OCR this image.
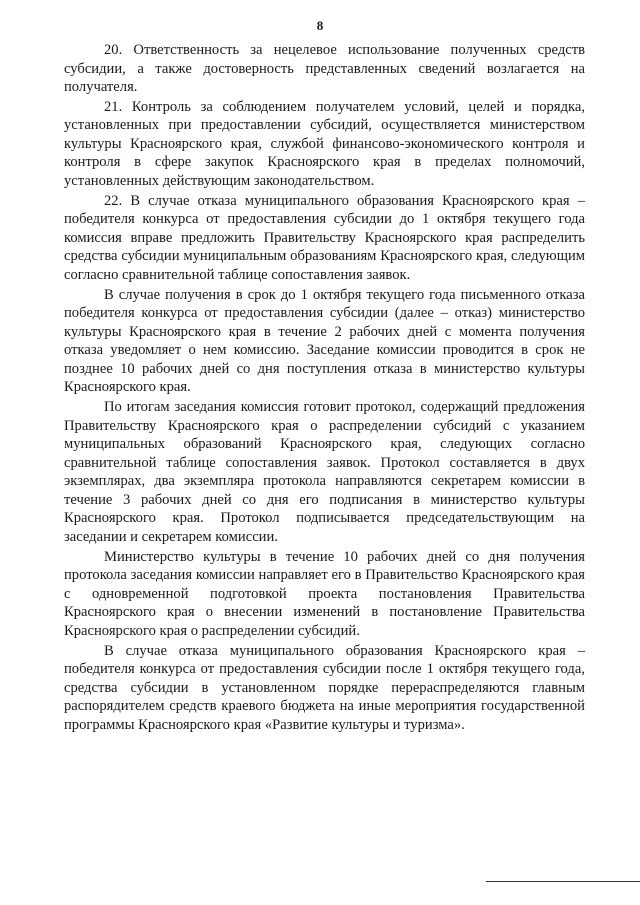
8

20. Ответственность за нецелевое использование полученных средств субсидии, а также достоверность представленных сведений возлагается на получателя.

21. Контроль за соблюдением получателем условий, целей и порядка, установленных при предоставлении субсидий, осуществляется министерством культуры Красноярского края, службой финансово-экономического контроля и контроля в сфере закупок Красноярского края в пределах полномочий, установленных действующим законодательством.

22. В случае отказа муниципального образования Красноярского края – победителя конкурса от предоставления субсидии до 1 октября текущего года комиссия вправе предложить Правительству Красноярского края распределить средства субсидии муниципальным образованиям Красноярского края, следующим согласно сравнительной таблице сопоставления заявок.

В случае получения в срок до 1 октября текущего года письменного отказа победителя конкурса от предоставления субсидии (далее – отказ) министерство культуры Красноярского края в течение 2 рабочих дней с момента получения отказа уведомляет о нем комиссию. Заседание комиссии проводится в срок не позднее 10 рабочих дней со дня поступления отказа в министерство культуры Красноярского края.

По итогам заседания комиссия готовит протокол, содержащий предложения Правительству Красноярского края о распределении субсидий с указанием муниципальных образований Красноярского края, следующих согласно сравнительной таблице сопоставления заявок. Протокол составляется в двух экземплярах, два экземпляра протокола направляются секретарем комиссии в течение 3 рабочих дней со дня его подписания в министерство культуры Красноярского края. Протокол подписывается председательствующим на заседании и секретарем комиссии.

Министерство культуры в течение 10 рабочих дней со дня получения протокола заседания комиссии направляет его в Правительство Красноярского края с одновременной подготовкой проекта постановления Правительства Красноярского края о внесении изменений в постановление Правительства Красноярского края о распределении субсидий.

В случае отказа муниципального образования Красноярского края – победителя конкурса от предоставления субсидии после 1 октября текущего года, средства субсидии в установленном порядке перераспределяются главным распорядителем средств краевого бюджета на иные мероприятия государственной программы Красноярского края «Развитие культуры и туризма».
